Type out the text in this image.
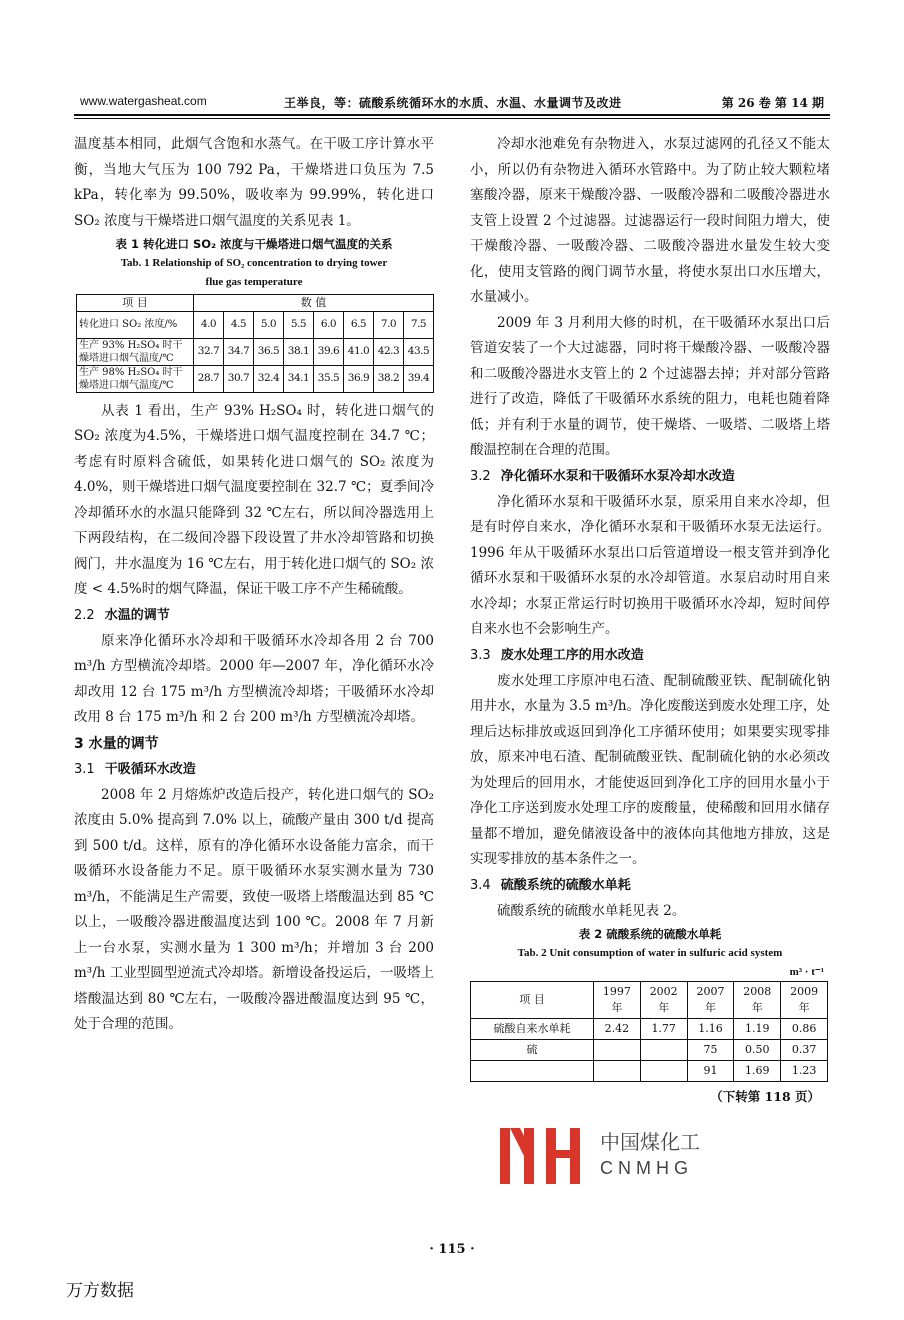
www.watergasheat.com	王举良，等：硫酸系统循环水的水质、水温、水量调节及改进	第 26 卷 第 14 期

温度基本相同，此烟气含饱和水蒸气。在干吸工序计算水平衡，当地大气压为 100 792 Pa，干燥塔进口负压为 7.5 kPa，转化率为 99.50%，吸收率为 99.99%，转化进口 SO₂ 浓度与干燥塔进口烟气温度的关系见表 1。

表 1 转化进口 SO₂ 浓度与干燥塔进口烟气温度的关系

Tab. 1 Relationship of SO₂ concentration to drying tower

flue gas temperature

项 目	数 值							
转化进口 SO₂ 浓度/%	4.0	4.5	5.0	5.5	6.0	6.5	7.0	7.5
生产 93% H₂SO₄ 时干燥塔进口烟气温度/℃	32.7	34.7	36.5	38.1	39.6	41.0	42.3	43.5
生产 98% H₂SO₄ 时干燥塔进口烟气温度/℃	28.7	30.7	32.4	34.1	35.5	36.9	38.2	39.4

从表 1 看出，生产 93% H₂SO₄ 时，转化进口烟气的 SO₂ 浓度为4.5%，干燥塔进口烟气温度控制在 34.7 ℃；考虑有时原料含硫低，如果转化进口烟气的 SO₂ 浓度为 4.0%，则干燥塔进口烟气温度要控制在 32.7 ℃；夏季间冷冷却循环水的水温只能降到 32 ℃左右，所以间冷器选用上下两段结构，在二级间冷器下段设置了井水冷却管路和切换阀门，井水温度为 16 ℃左右，用于转化进口烟气的 SO₂ 浓度 < 4.5%时的烟气降温，保证干吸工序不产生稀硫酸。

2.2 水温的调节

原来净化循环水冷却和干吸循环水冷却各用 2 台 700 m³/h 方型横流冷却塔。2000 年—2007 年，净化循环水冷却改用 12 台 175 m³/h 方型横流冷却塔；干吸循环水冷却改用 8 台 175 m³/h 和 2 台 200 m³/h 方型横流冷却塔。

3 水量的调节

3.1 干吸循环水改造

2008 年 2 月熔炼炉改造后投产，转化进口烟气的 SO₂ 浓度由 5.0% 提高到 7.0% 以上，硫酸产量由 300 t/d 提高到 500 t/d。这样，原有的净化循环水设备能力富余，而干吸循环水设备能力不足。原干吸循环水泵实测水量为 730 m³/h，不能满足生产需要，致使一吸塔上塔酸温达到 85 ℃以上，一吸酸冷器进酸温度达到 100 ℃。2008 年 7 月新上一台水泵，实测水量为 1 300 m³/h；并增加 3 台 200 m³/h 工业型圆型逆流式冷却塔。新增设备投运后，一吸塔上塔酸温达到 80 ℃左右，一吸酸冷器进酸温度达到 95 ℃，处于合理的范围。

冷却水池难免有杂物进入，水泵过滤网的孔径又不能太小，所以仍有杂物进入循环水管路中。为了防止较大颗粒堵塞酸冷器，原来干燥酸冷器、一吸酸冷器和二吸酸冷器进水支管上设置 2 个过滤器。过滤器运行一段时间阻力增大，使干燥酸冷器、一吸酸冷器、二吸酸冷器进水量发生较大变化，使用支管路的阀门调节水量，将使水泵出口水压增大，水量减小。

2009 年 3 月利用大修的时机，在干吸循环水泵出口后管道安装了一个大过滤器，同时将干燥酸冷器、一吸酸冷器和二吸酸冷器进水支管上的 2 个过滤器去掉；并对部分管路进行了改造，降低了干吸循环水系统的阻力，电耗也随着降低；并有利于水量的调节，使干燥塔、一吸塔、二吸塔上塔酸温控制在合理的范围。

3.2 净化循环水泵和干吸循环水泵冷却水改造

净化循环水泵和干吸循环水泵，原采用自来水冷却，但是有时停自来水，净化循环水泵和干吸循环水泵无法运行。1996 年从干吸循环水泵出口后管道增设一根支管并到净化循环水泵和干吸循环水泵的水冷却管道。水泵启动时用自来水冷却；水泵正常运行时切换用干吸循环水冷却，短时间停自来水也不会影响生产。

3.3 废水处理工序的用水改造

废水处理工序原冲电石渣、配制硫酸亚铁、配制硫化钠用井水，水量为 3.5 m³/h。净化废酸送到废水处理工序，处理后达标排放或返回到净化工序循环使用；如果要实现零排放，原来冲电石渣、配制硫酸亚铁、配制硫化钠的水必须改为处理后的回用水，才能使返回到净化工序的回用水量小于净化工序送到废水处理工序的废酸量，使稀酸和回用水储存量都不增加，避免储液设备中的液体向其他地方排放，这是实现零排放的基本条件之一。

3.4 硫酸系统的硫酸水单耗

硫酸系统的硫酸水单耗见表 2。

表 2 硫酸系统的硫酸水单耗

Tab. 2 Unit consumption of water in sulfuric acid system

m³ · t⁻¹

项 目	1997 年	2002 年	2007 年	2008 年	2009 年
硫酸自来水单耗	2.42	1.77	1.16	1.19	0.86
硫			75	0.50	0.37
			91	1.69	1.23

（下转第 118 页）

中国煤化工
CNMHG
· 115 ·
万方数据
